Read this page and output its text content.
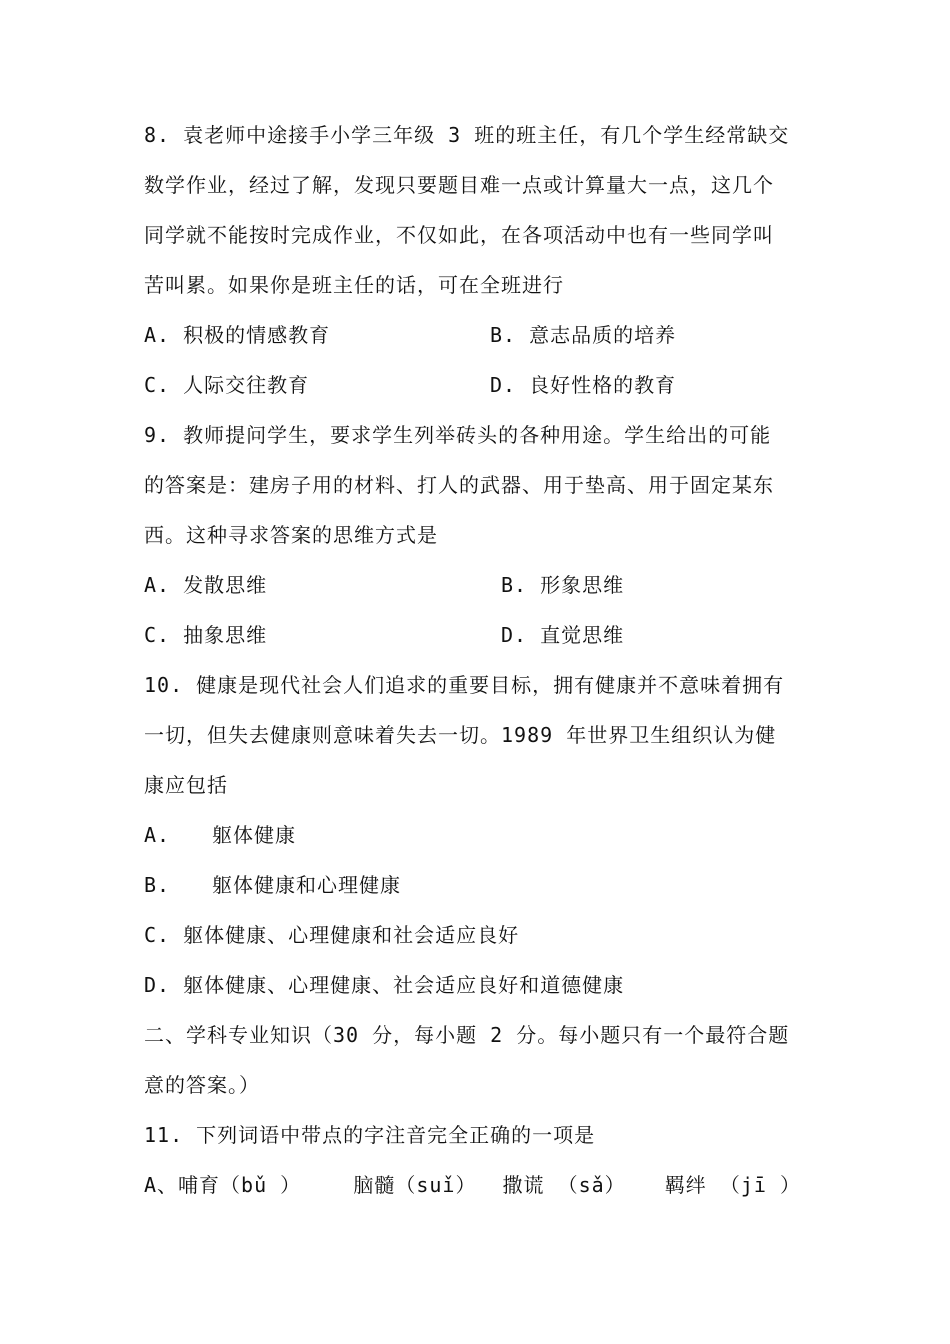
8. 袁老师中途接手小学三年级 3 班的班主任，有几个学生经常缺交
数学作业，经过了解，发现只要题目难一点或计算量大一点，这几个
同学就不能按时完成作业，不仅如此，在各项活动中也有一些同学叫
苦叫累。如果你是班主任的话，可在全班进行
A. 积极的情感教育	B. 意志品质的培养
C. 人际交往教育	D. 良好性格的教育
9. 教师提问学生，要求学生列举砖头的各种用途。学生给出的可能
的答案是：建房子用的材料、打人的武器、用于垫高、用于固定某东
西。这种寻求答案的思维方式是
A. 发散思维	B. 形象思维
C. 抽象思维	D. 直觉思维
10. 健康是现代社会人们追求的重要目标，拥有健康并不意味着拥有
一切，但失去健康则意味着失去一切。1989 年世界卫生组织认为健
康应包括
A. 躯体健康
B. 躯体健康和心理健康
C. 躯体健康、心理健康和社会适应良好
D. 躯体健康、心理健康、社会适应良好和道德健康
二、学科专业知识（30 分，每小题 2 分。每小题只有一个最符合题
意的答案。）
11. 下列词语中带点的字注音完全正确的一项是
A、哺育（bǔ ）    脑髓（suǐ）  撒谎 （sǎ）   羁绊 （jī ）
